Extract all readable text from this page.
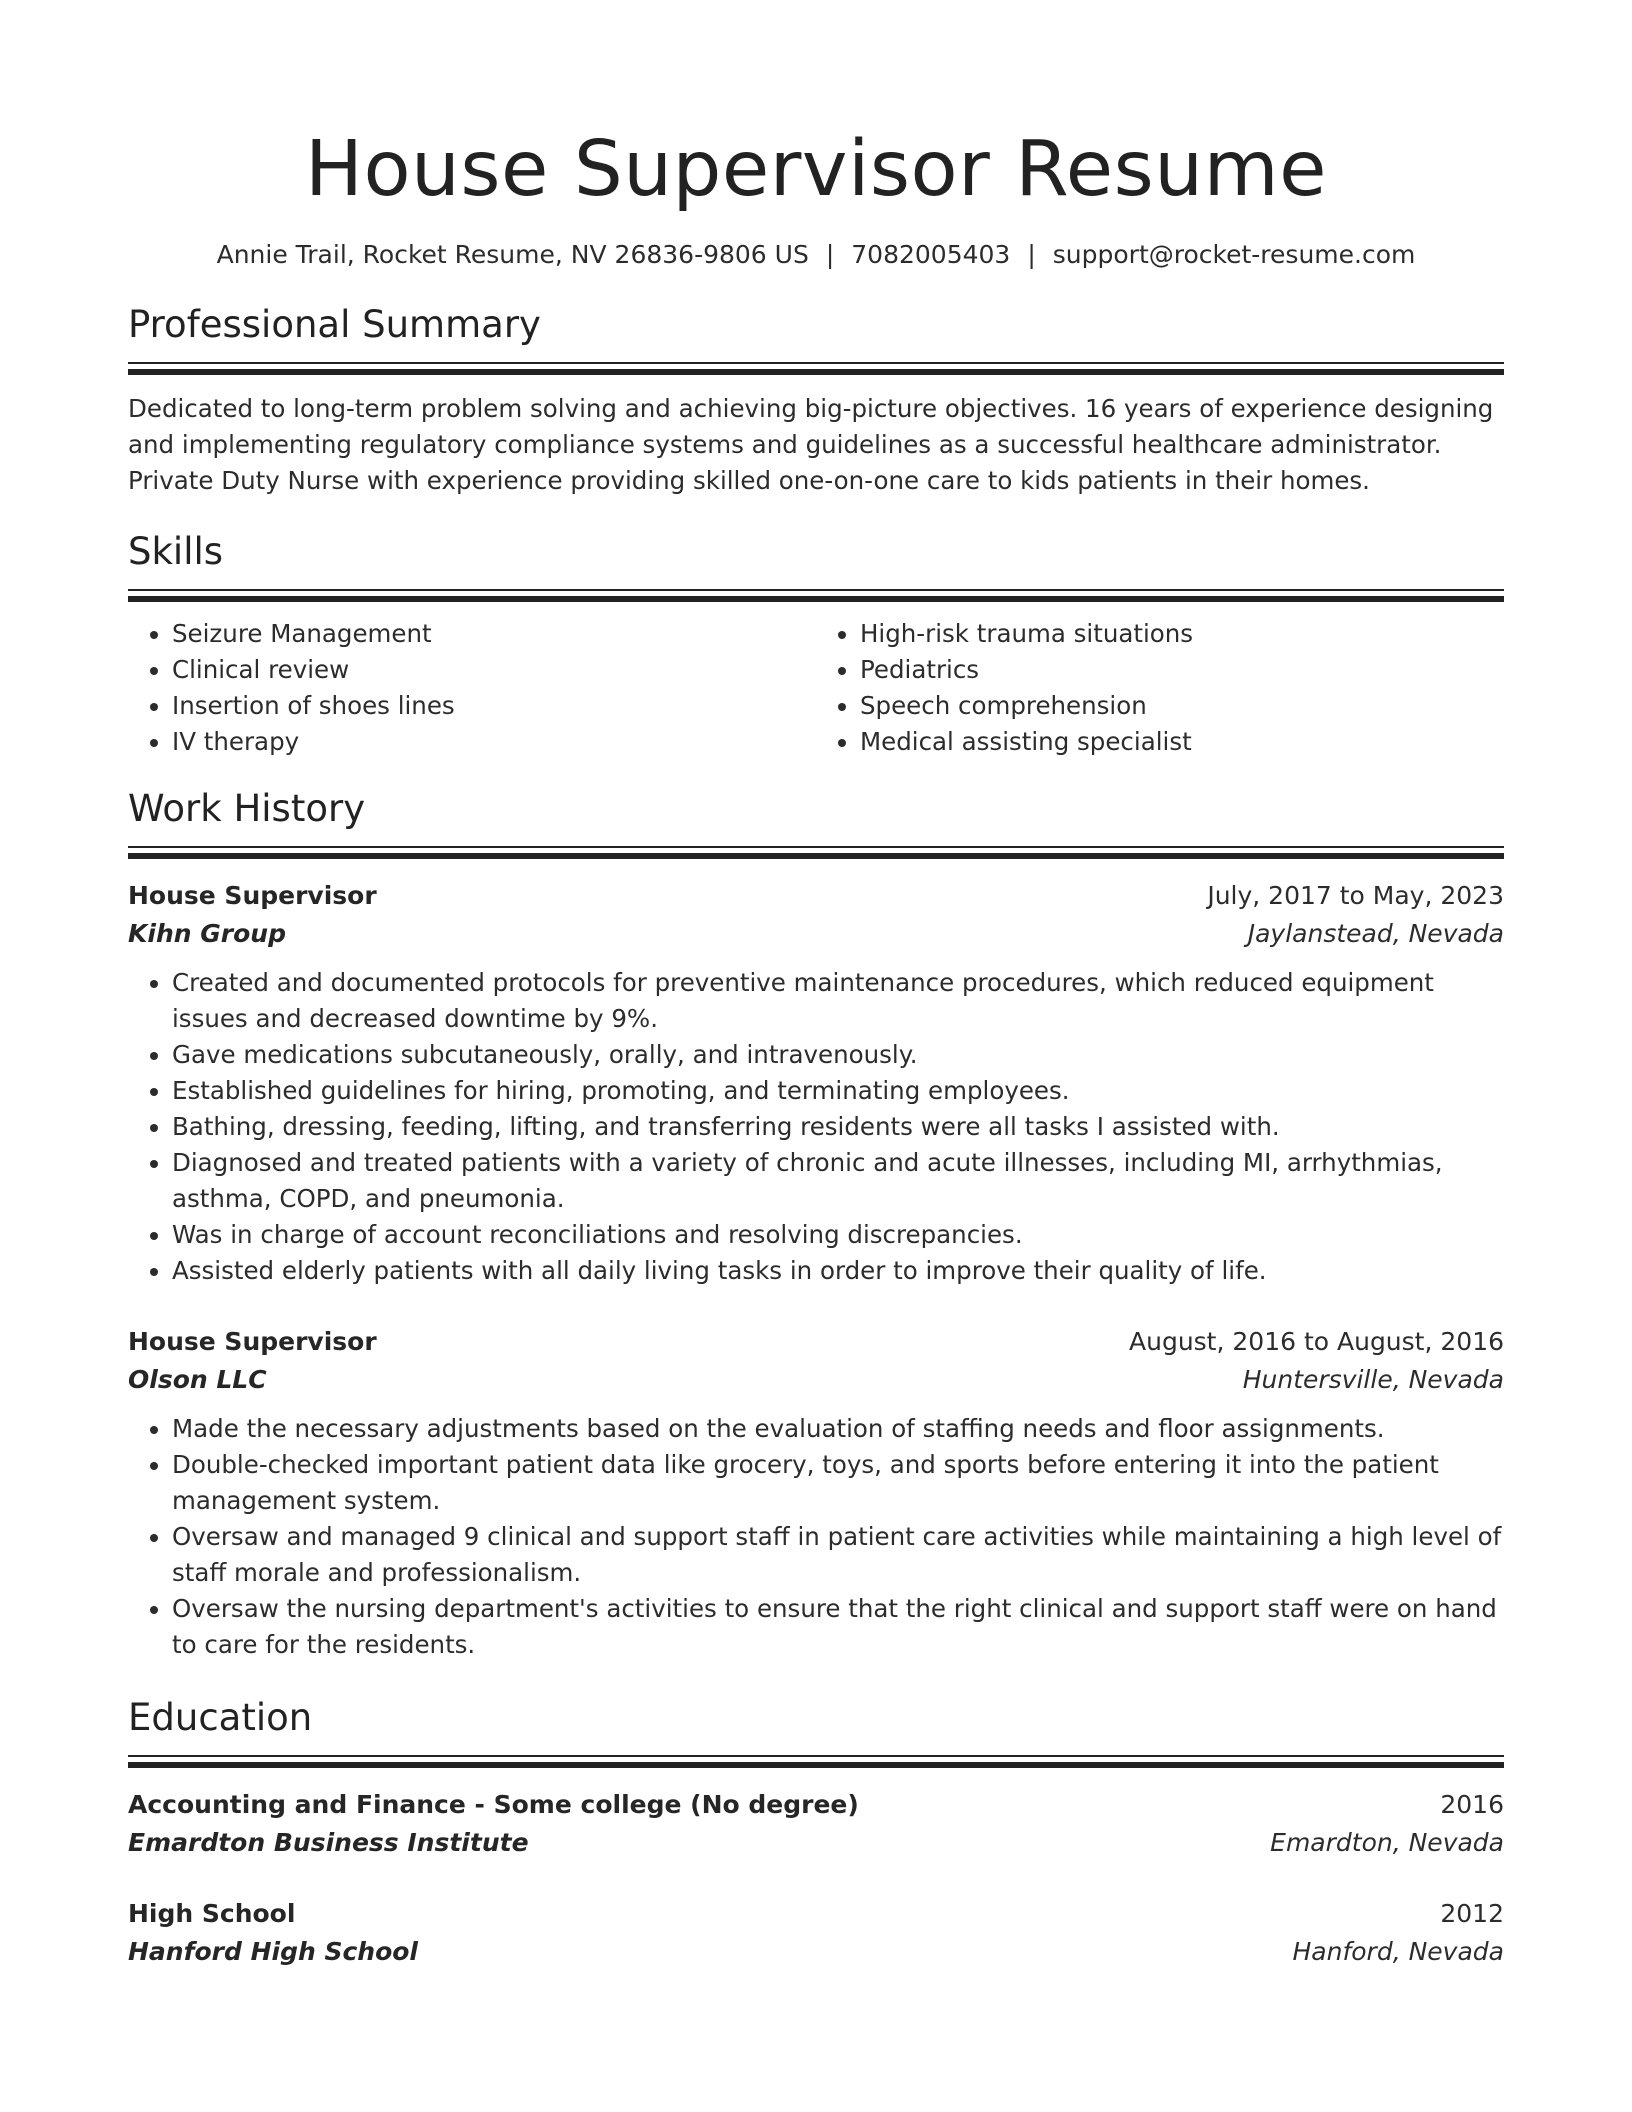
House Supervisor Resume
Annie Trail, Rocket Resume, NV 26836-9806 US | 7082005403 | support@rocket-resume.com
Professional Summary
Dedicated to long-term problem solving and achieving big-picture objectives. 16 years of experience designing and implementing regulatory compliance systems and guidelines as a successful healthcare administrator. Private Duty Nurse with experience providing skilled one-on-one care to kids patients in their homes.
Skills
• Seizure Management
• Clinical review
• Insertion of shoes lines
• IV therapy
• High-risk trauma situations
• Pediatrics
• Speech comprehension
• Medical assisting specialist
Work History
House Supervisor	July, 2017 to May, 2023
Kihn Group	Jaylanstead, Nevada
• Created and documented protocols for preventive maintenance procedures, which reduced equipment issues and decreased downtime by 9%.
• Gave medications subcutaneously, orally, and intravenously.
• Established guidelines for hiring, promoting, and terminating employees.
• Bathing, dressing, feeding, lifting, and transferring residents were all tasks I assisted with.
• Diagnosed and treated patients with a variety of chronic and acute illnesses, including MI, arrhythmias, asthma, COPD, and pneumonia.
• Was in charge of account reconciliations and resolving discrepancies.
• Assisted elderly patients with all daily living tasks in order to improve their quality of life.
House Supervisor	August, 2016 to August, 2016
Olson LLC	Huntersville, Nevada
• Made the necessary adjustments based on the evaluation of staffing needs and floor assignments.
• Double-checked important patient data like grocery, toys, and sports before entering it into the patient management system.
• Oversaw and managed 9 clinical and support staff in patient care activities while maintaining a high level of staff morale and professionalism.
• Oversaw the nursing department's activities to ensure that the right clinical and support staff were on hand to care for the residents.
Education
Accounting and Finance - Some college (No degree)	2016
Emardton Business Institute	Emardton, Nevada
High School	2012
Hanford High School	Hanford, Nevada
